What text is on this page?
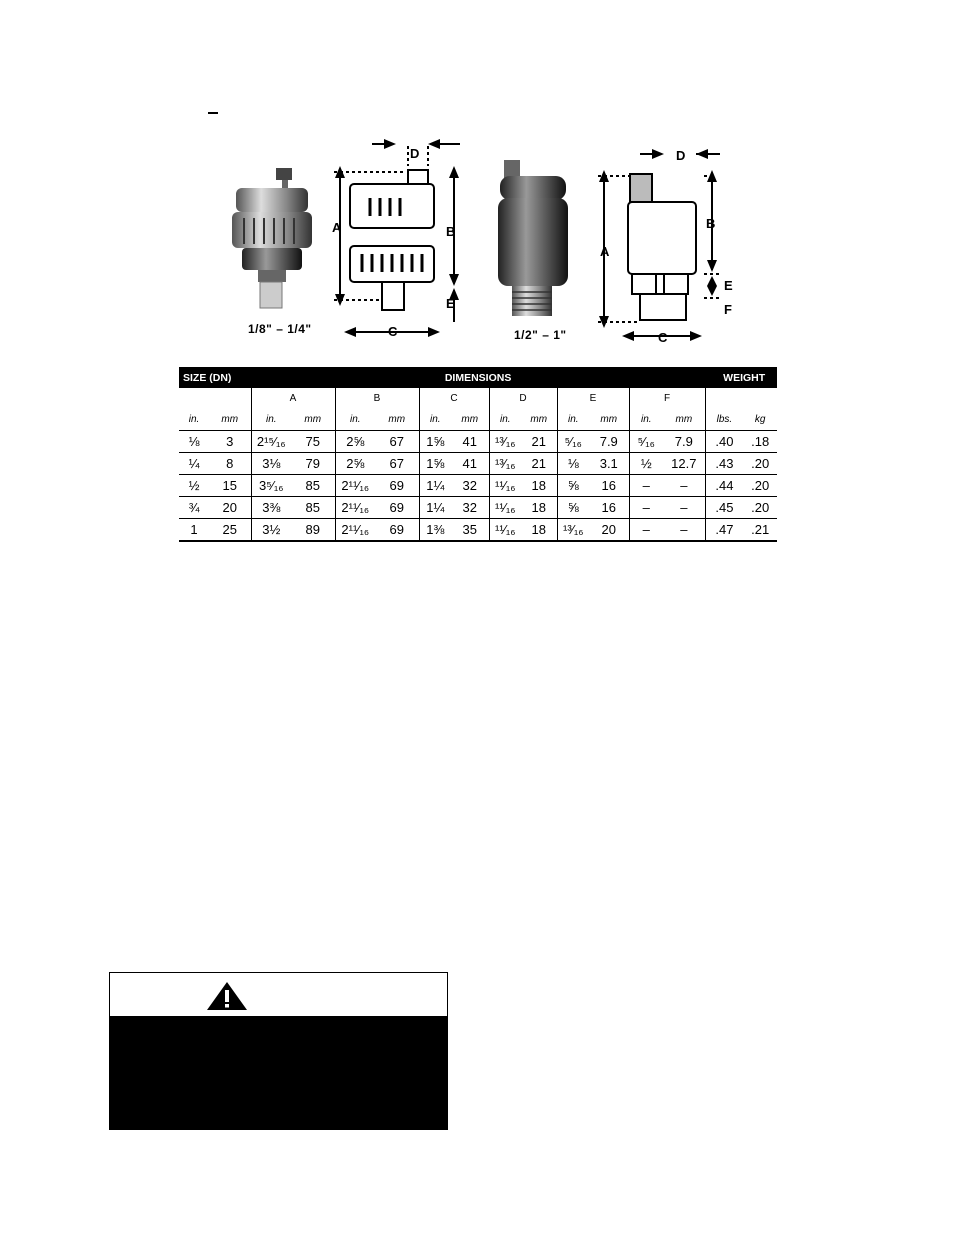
A	B
C
D
E
A
B
C
D
E
F
1/8" – 1/4"	1/2" – 1"
SIZE (DN)		DIMENSIONS												WEIGHT	
		A		B		C		D		E		F			
in.	mm	in.	mm	in.	mm	in.	mm	in.	mm	in.	mm	in.	mm	lbs.	kg
⅛	3	2¹⁵⁄₁₆	75	2⅝	67	1⅝	41	¹³⁄₁₆	21	⁵⁄₁₆	7.9	⁵⁄₁₆	7.9	.40	.18
¼	8	3⅛	79	2⅝	67	1⅝	41	¹³⁄₁₆	21	⅛	3.1	½	12.7	.43	.20
½	15	3⁵⁄₁₆	85	2¹¹⁄₁₆	69	1¼	32	¹¹⁄₁₆	18	⅝	16	–	–	.44	.20
¾	20	3⅜	85	2¹¹⁄₁₆	69	1¼	32	¹¹⁄₁₆	18	⅝	16	–	–	.45	.20
1	25	3½	89	2¹¹⁄₁₆	69	1⅜	35	¹¹⁄₁₆	18	¹³⁄₁₆	20	–	–	.47	.21
